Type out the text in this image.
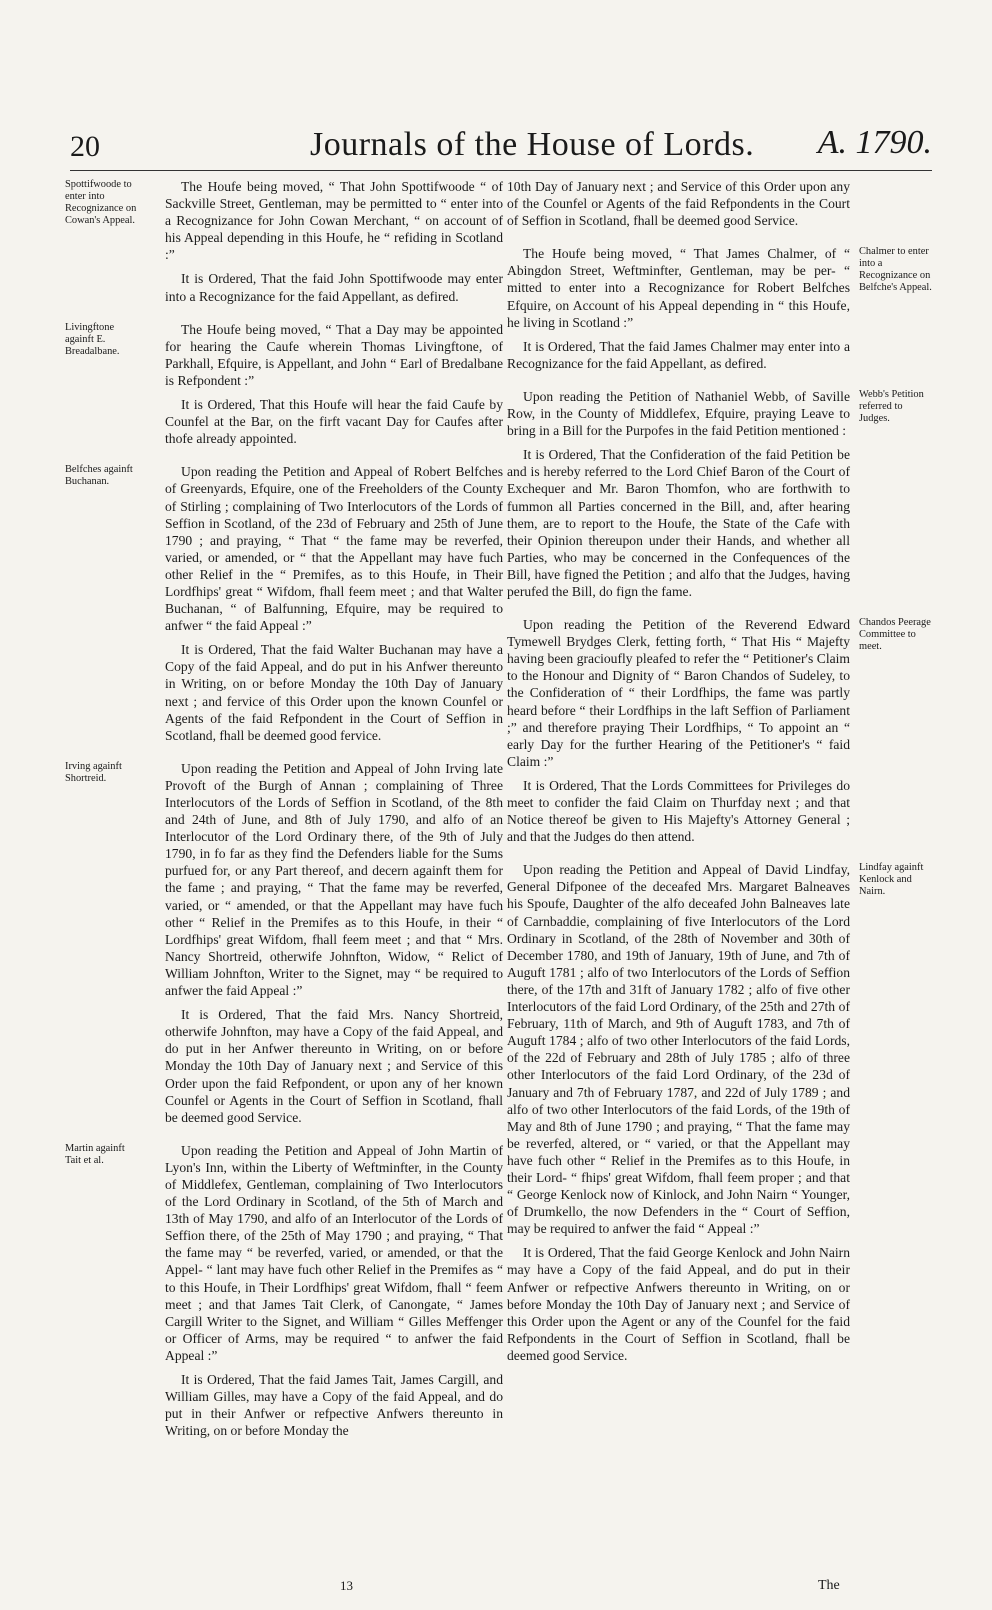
20	Journals of the House of Lords. A. 1790.
Spottifwoode to enter into Recognizance on Cowan's Appeal.

The Houfe being moved, “ That John Spottifwoode “ of Sackville Street, Gentleman, may be permitted to “ enter into a Recognizance for John Cowan Merchant, “ on account of his Appeal depending in this Houfe, he “ refiding in Scotland :”

It is Ordered, That the faid John Spottifwoode may enter into a Recognizance for the faid Appellant, as defired.

Livingftone againft E. Breadalbane.

The Houfe being moved, “ That a Day may be appointed for hearing the Caufe wherein Thomas Livingftone, of Parkhall, Efquire, is Appellant, and John “ Earl of Bredalbane is Refpondent :”

It is Ordered, That this Houfe will hear the faid Caufe by Counfel at the Bar, on the firft vacant Day for Caufes after thofe already appointed.

Belfches againft Buchanan.

Upon reading the Petition and Appeal of Robert Belfches of Greenyards, Efquire, one of the Freeholders of the County of Stirling ; complaining of Two Interlocutors of the Lords of Seffion in Scotland, of the 23d of February and 25th of June 1790 ; and praying, “ That “ the fame may be reverfed, varied, or amended, or “ that the Appellant may have fuch other Relief in the “ Premifes, as to this Houfe, in Their Lordfhips' great “ Wifdom, fhall feem meet ; and that Walter Buchanan, “ of Balfunning, Efquire, may be required to anfwer “ the faid Appeal :”

It is Ordered, That the faid Walter Buchanan may have a Copy of the faid Appeal, and do put in his Anfwer thereunto in Writing, on or before Monday the 10th Day of January next ; and fervice of this Order upon the known Counfel or Agents of the faid Refpondent in the Court of Seffion in Scotland, fhall be deemed good fervice.

Irving againft Shortreid.

Upon reading the Petition and Appeal of John Irving late Provoft of the Burgh of Annan ; complaining of Three Interlocutors of the Lords of Seffion in Scotland, of the 8th and 24th of June, and 8th of July 1790, and alfo of an Interlocutor of the Lord Ordinary there, of the 9th of July 1790, in fo far as they find the Defenders liable for the Sums purfued for, or any Part thereof, and decern againft them for the fame ; and praying, “ That the fame may be reverfed, varied, or “ amended, or that the Appellant may have fuch other “ Relief in the Premifes as to this Houfe, in their “ Lordfhips' great Wifdom, fhall feem meet ; and that “ Mrs. Nancy Shortreid, otherwife Johnfton, Widow, “ Relict of William Johnfton, Writer to the Signet, may “ be required to anfwer the faid Appeal :”

It is Ordered, That the faid Mrs. Nancy Shortreid, otherwife Johnfton, may have a Copy of the faid Appeal, and do put in her Anfwer thereunto in Writing, on or before Monday the 10th Day of January next ; and Service of this Order upon the faid Refpondent, or upon any of her known Counfel or Agents in the Court of Seffion in Scotland, fhall be deemed good Service.

Martin againft Tait et al.

Upon reading the Petition and Appeal of John Martin of Lyon's Inn, within the Liberty of Weftminfter, in the County of Middlefex, Gentleman, complaining of Two Interlocutors of the Lord Ordinary in Scotland, of the 5th of March and 13th of May 1790, and alfo of an Interlocutor of the Lords of Seffion there, of the 25th of May 1790 ; and praying, “ That the fame may “ be reverfed, varied, or amended, or that the Appel- “ lant may have fuch other Relief in the Premifes as “ to this Houfe, in Their Lordfhips' great Wifdom, fhall “ feem meet ; and that James Tait Clerk, of Canongate, “ James Cargill Writer to the Signet, and William “ Gilles Meffenger or Officer of Arms, may be required “ to anfwer the faid Appeal :”

It is Ordered, That the faid James Tait, James Cargill, and William Gilles, may have a Copy of the faid Appeal, and do put in their Anfwer or refpective Anfwers thereunto in Writing, on or before Monday the

10th Day of January next ; and Service of this Order upon any of the Counfel or Agents of the faid Refpondents in the Court of Seffion in Scotland, fhall be deemed good Service.

Chalmer to enter into a Recognizance on Belfche's Appeal.

The Houfe being moved, “ That James Chalmer, of “ Abingdon Street, Weftminfter, Gentleman, may be per- “ mitted to enter into a Recognizance for Robert Belfches Efquire, on Account of his Appeal depending in “ this Houfe, he living in Scotland :”

It is Ordered, That the faid James Chalmer may enter into a Recognizance for the faid Appellant, as defired.

Webb's Petition referred to Judges.

Upon reading the Petition of Nathaniel Webb, of Saville Row, in the County of Middlefex, Efquire, praying Leave to bring in a Bill for the Purpofes in the faid Petition mentioned :

It is Ordered, That the Confideration of the faid Petition be and is hereby referred to the Lord Chief Baron of the Court of Exchequer and Mr. Baron Thomfon, who are forthwith to fummon all Parties concerned in the Bill, and, after hearing them, are to report to the Houfe, the State of the Cafe with their Opinion thereupon under their Hands, and whether all Parties, who may be concerned in the Confequences of the Bill, have figned the Petition ; and alfo that the Judges, having perufed the Bill, do fign the fame.

Chandos Peerage Committee to meet.

Upon reading the Petition of the Reverend Edward Tymewell Brydges Clerk, fetting forth, “ That His “ Majefty having been gracioufly pleafed to refer the “ Petitioner's Claim to the Honour and Dignity of “ Baron Chandos of Sudeley, to the Confideration of “ their Lordfhips, the fame was partly heard before “ their Lordfhips in the laft Seffion of Parliament ;” and therefore praying Their Lordfhips, “ To appoint an “ early Day for the further Hearing of the Petitioner's “ faid Claim :”

It is Ordered, That the Lords Committees for Privileges do meet to confider the faid Claim on Thurfday next ; and that Notice thereof be given to His Majefty's Attorney General ; and that the Judges do then attend.

Lindfay againft Kenlock and Nairn.

Upon reading the Petition and Appeal of David Lindfay, General Difponee of the deceafed Mrs. Margaret Balneaves his Spoufe, Daughter of the alfo deceafed John Balneaves late of Carnbaddie, complaining of five Interlocutors of the Lord Ordinary in Scotland, of the 28th of November and 30th of December 1780, and 19th of January, 19th of June, and 7th of Auguft 1781 ; alfo of two Interlocutors of the Lords of Seffion there, of the 17th and 31ft of January 1782 ; alfo of five other Interlocutors of the faid Lord Ordinary, of the 25th and 27th of February, 11th of March, and 9th of Auguft 1783, and 7th of Auguft 1784 ; alfo of two other Interlocutors of the faid Lords, of the 22d of February and 28th of July 1785 ; alfo of three other Interlocutors of the faid Lord Ordinary, of the 23d of January and 7th of February 1787, and 22d of July 1789 ; and alfo of two other Interlocutors of the faid Lords, of the 19th of May and 8th of June 1790 ; and praying, “ That the fame may be reverfed, altered, or “ varied, or that the Appellant may have fuch other “ Relief in the Premifes as to this Houfe, in their Lord- “ fhips' great Wifdom, fhall feem proper ; and that “ George Kenlock now of Kinlock, and John Nairn “ Younger, of Drumkello, the now Defenders in the “ Court of Seffion, may be required to anfwer the faid “ Appeal :”

It is Ordered, That the faid George Kenlock and John Nairn may have a Copy of the faid Appeal, and do put in their Anfwer or refpective Anfwers thereunto in Writing, on or before Monday the 10th Day of January next ; and Service of this Order upon the Agent or any of the Counfel for the faid Refpondents in the Court of Seffion in Scotland, fhall be deemed good Service.

13	The
